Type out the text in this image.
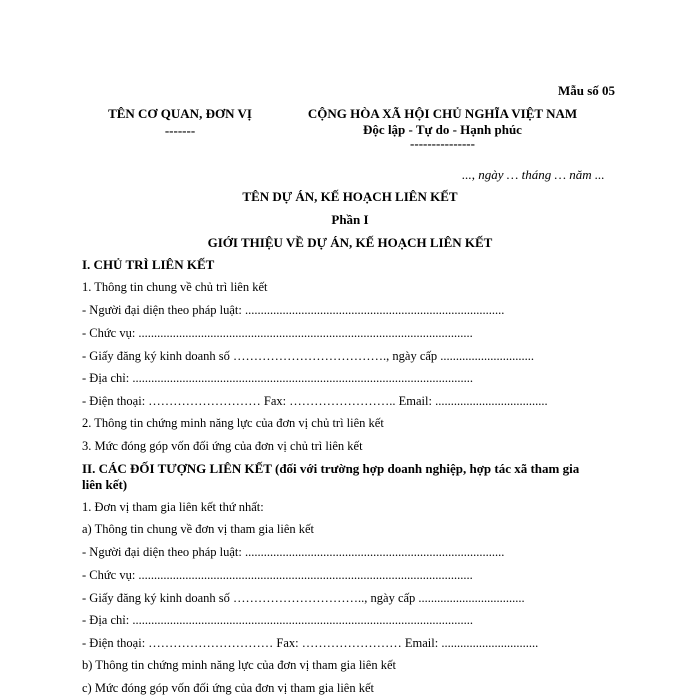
Mẫu số 05
TÊN CƠ QUAN, ĐƠN VỊ
-------
CỘNG HÒA XÃ HỘI CHỦ NGHĨA VIỆT NAM
Độc lập - Tự do - Hạnh phúc
---------------
..., ngày … tháng … năm ...
TÊN DỰ ÁN, KẾ HOẠCH LIÊN KẾT
Phần I
GIỚI THIỆU VỀ DỰ ÁN, KẾ HOẠCH LIÊN KẾT
I. CHỦ TRÌ LIÊN KẾT
1. Thông tin chung về chủ trì liên kết
- Người đại diện theo pháp luật: ...................................................................................
- Chức vụ: ...........................................................................................................
- Giấy đăng ký kinh doanh số ………………………………., ngày cấp ..............................
- Địa chỉ: .............................................................................................................
- Điện thoại: ……………………… Fax: …………………….. Email: ....................................
2. Thông tin chứng minh năng lực của đơn vị chủ trì liên kết
3. Mức đóng góp vốn đối ứng của đơn vị chủ trì liên kết
II. CÁC ĐỐI TƯỢNG LIÊN KẾT (đối với trường hợp doanh nghiệp, hợp tác xã tham gia
liên kết)
1. Đơn vị tham gia liên kết thứ nhất:
a) Thông tin chung về đơn vị tham gia liên kết
- Người đại diện theo pháp luật: ...................................................................................
- Chức vụ: ...........................................................................................................
- Giấy đăng ký kinh doanh số ………………………….., ngày cấp ..................................
- Địa chỉ: .............................................................................................................
- Điện thoại: ………………………… Fax: …………………… Email: ...............................
b) Thông tin chứng minh năng lực của đơn vị tham gia liên kết
c) Mức đóng góp vốn đối ứng của đơn vị tham gia liên kết
